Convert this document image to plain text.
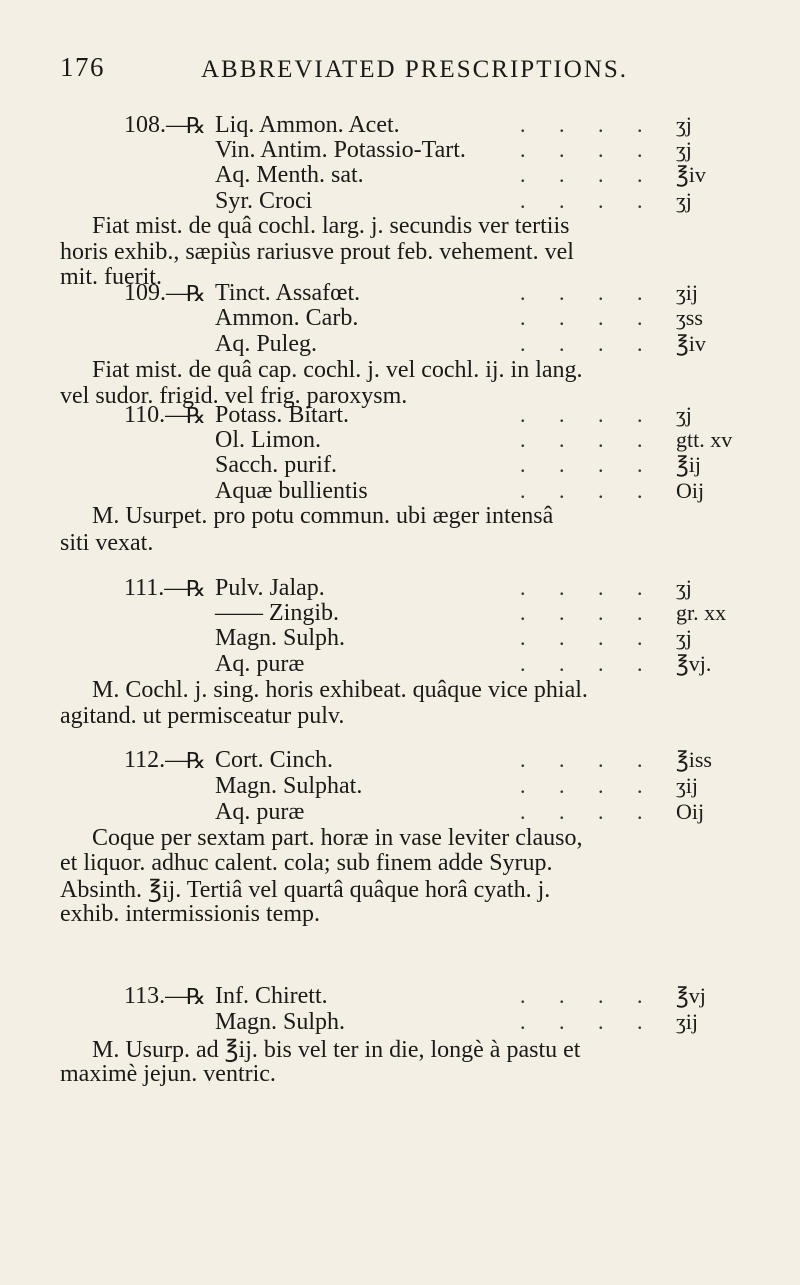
176	ABBREVIATED PRESCRIPTIONS.
108.—
℞ Liq. Ammon. Acet.	. . . . ʒj
Vin. Antim. Potassio-Tart. . . . . ʒj
Aq. Menth. sat.	. . . . ℥iv
Syr. Croci	. . . . ʒj
Fiat mist. de quâ cochl. larg. j. secundis ver tertiis
horis exhib., sæpiùs rariusve prout feb. vehement. vel
mit. fuerit.
109.—
℞ Tinct. Assafœt.	. . . . ʒij
Ammon. Carb.	. . . . ʒss
Aq. Puleg.	. . . . ℥iv
Fiat mist. de quâ cap. cochl. j. vel cochl. ij. in lang.
vel sudor. frigid. vel frig. paroxysm.
110.—
℞ Potass. Bitart.	. . . . ʒj
Ol. Limon.	. . . . gtt. xv
Sacch. purif.	. . . . ℥ij
Aquæ bullientis	. . . . Oij
M. Usurpet. pro potu commun. ubi æger intensâ
siti vexat.
111.—
℞ Pulv. Jalap.	. . . . ʒj
—— Zingib.	. . . . gr. xx
Magn. Sulph.	. . . . ʒj
Aq. puræ	. . . . ℥vj.
M. Cochl. j. sing. horis exhibeat. quâque vice phial.
agitand. ut permisceatur pulv.
112.—
℞ Cort. Cinch.	. . . . ℥iss
Magn. Sulphat.	. . . . ʒij
Aq. puræ	. . . . Oij
Coque per sextam part. horæ in vase leviter clauso,
et liquor. adhuc calent. cola; sub finem adde Syrup.
Absinth. ℥ij. Tertiâ vel quartâ quâque horâ cyath. j.
exhib. intermissionis temp.
113.—
℞ Inf. Chirett.	. . . . ℥vj
Magn. Sulph.	. . . . ʒij
M. Usurp. ad ℥ij. bis vel ter in die, longè à pastu et
maximè jejun. ventric.
